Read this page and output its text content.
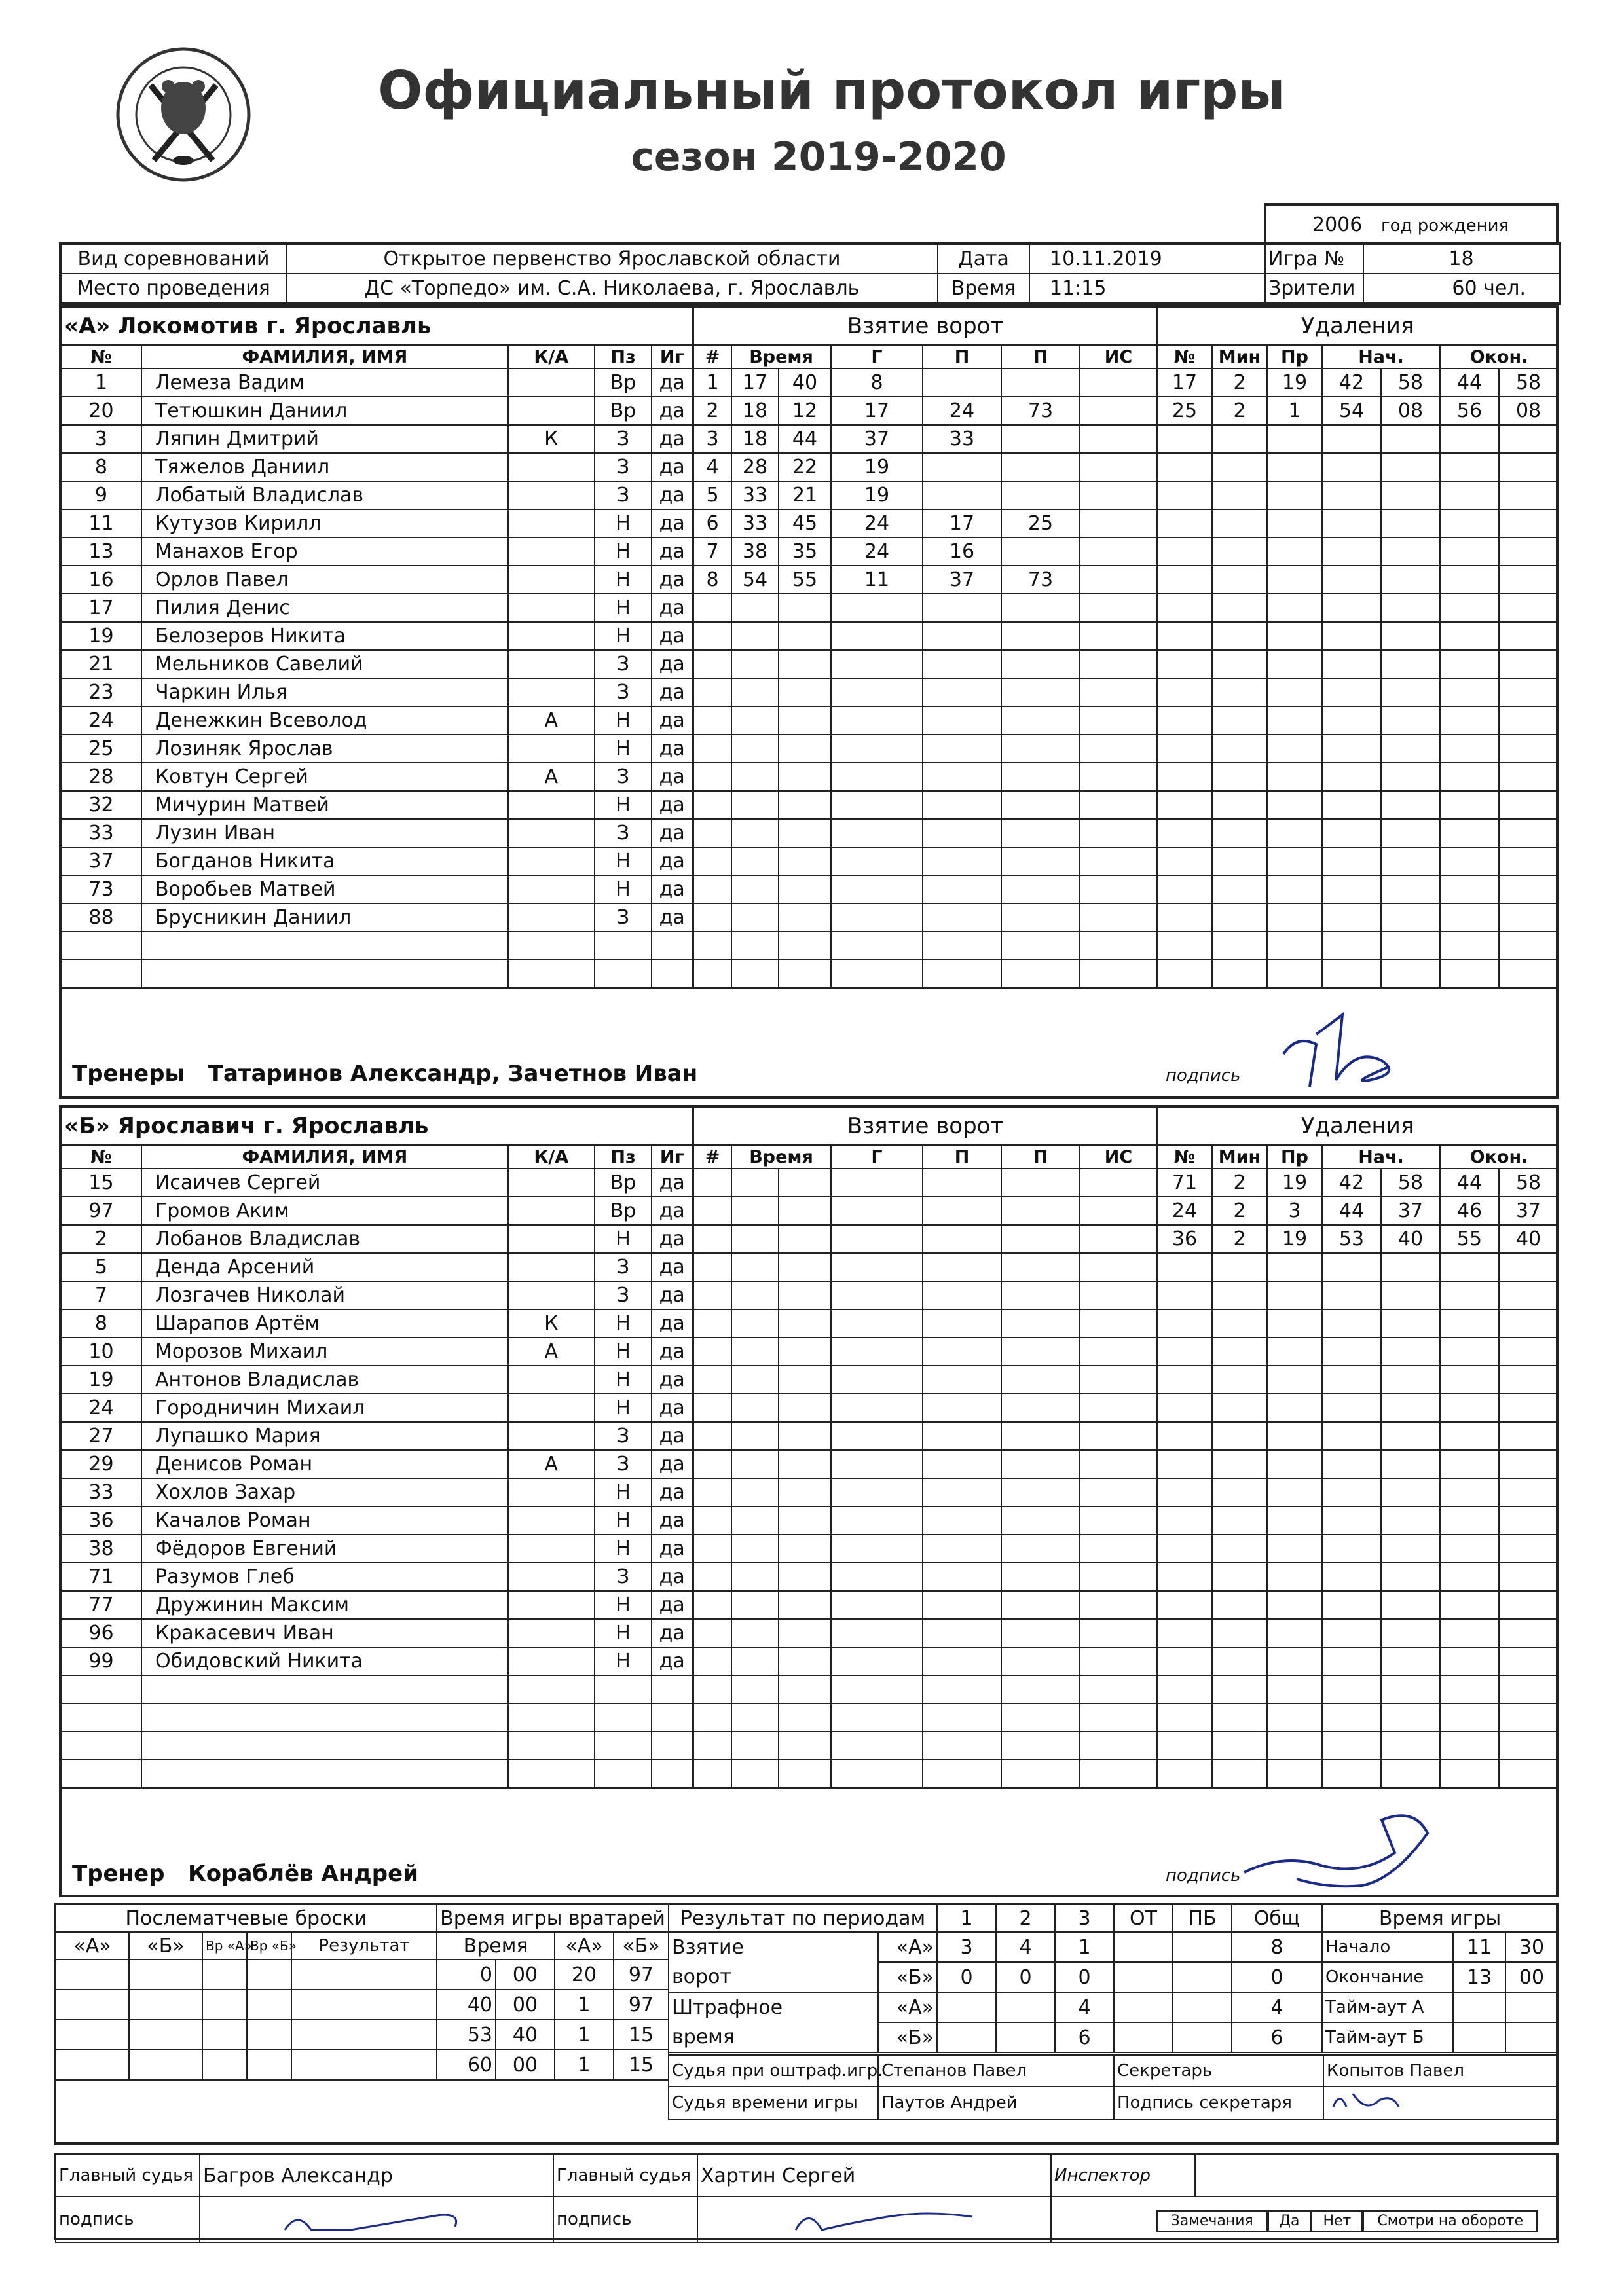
Официальный протокол игры
сезон 2019-2020
2006 год рождения
Вид соревнований	Открытое первенство Ярославской области	Дата	10.11.2019	Игра №	18
Место проведения	ДС «Торпедо» им. С.А. Николаева, г. Ярославль	Время	11:15	Зрители	60 чел.
«А» Локомотив г. Ярославль				
№	ФАМИЛИЯ, ИМЯ	К/А	Пз	Иг
1	Лемеза Вадим		Вр	да
20	Тетюшкин Даниил		Вр	да
3	Ляпин Дмитрий	К	З	да
8	Тяжелов Даниил		З	да
9	Лобатый Владислав		З	да
11	Кутузов Кирилл		Н	да
13	Манахов Егор		Н	да
16	Орлов Павел		Н	да
17	Пилия Денис		Н	да
19	Белозеров Никита		Н	да
21	Мельников Савелий		З	да
23	Чаркин Илья		З	да
24	Денежкин Всеволод	А	Н	да
25	Лозиняк Ярослав		Н	да
28	Ковтун Сергей	А	З	да
32	Мичурин Матвей		Н	да
33	Лузин Иван		З	да
37	Богданов Никита		Н	да
73	Воробьев Матвей		Н	да
88	Брусникин Даниил		З	да

Взятие ворот						
#	Время		Г	П	П	ИС
1	17	40	8			
2	18	12	17	24	73	
3	18	44	37	33		
4	28	22	19			
5	33	21	19			
6	33	45	24	17	25	
7	38	35	24	16		
8	54	55	11	37	73	

Удаления						
№	Мин	Пр	Нач.		Окон.	
17	2	19	42	58	44	58
25	2	1	54	08	56	08

Тренеры Татаринов Александр, Зачетнов Иван	подпись
«Б» Ярославич г. Ярославль				
№	ФАМИЛИЯ, ИМЯ	К/А	Пз	Иг
15	Исаичев Сергей		Вр	да
97	Громов Аким		Вр	да
2	Лобанов Владислав		Н	да
5	Денда Арсений		З	да
7	Лозгачев Николай		З	да
8	Шарапов Артём	К	Н	да
10	Морозов Михаил	А	Н	да
19	Антонов Владислав		Н	да
24	Городничин Михаил		Н	да
27	Лупашко Мария		З	да
29	Денисов Роман	А	З	да
33	Хохлов Захар		Н	да
36	Качалов Роман		Н	да
38	Фёдоров Евгений		Н	да
71	Разумов Глеб		З	да
77	Дружинин Максим		Н	да
96	Кракасевич Иван		Н	да
99	Обидовский Никита		Н	да

Взятие ворот						
#	Время		Г	П	П	ИС

Удаления						
№	Мин	Пр	Нач.		Окон.	
71	2	19	42	58	44	58
24	2	3	44	37	46	37
36	2	19	53	40	55	40

Тренер Кораблёв Андрей	подпись
Послематчевые броски				
«А»	«Б»	Вр «А»	Вр «Б»	Результат

Время игры вратарей			
Время		«А»	«Б»
0	00	20	97
40	00	1	97
53	40	1	15
60	00	1	15
Результат по периодам		1	2	3	ОТ	ПБ	Общ
Взятие	«А»	3	4	1			8
ворот	«Б»	0	0	0			0
Штрафное	«А»			4			4
время	«Б»			6			6
Время игры		
Начало	11	30
Окончание	13	00
Тайм-аут А		
Тайм-аут Б		
Судья при оштраф.игр.	Степанов Павел	Секретарь	Копытов Павел
Судья времени игры	Паутов Андрей	Подпись секретаря	
Главный судья	Багров Александр	Главный судья	Хартин Сергей	Инспектор	
подпись		подпись		Замечания Да Нет Смотри на обороте	
